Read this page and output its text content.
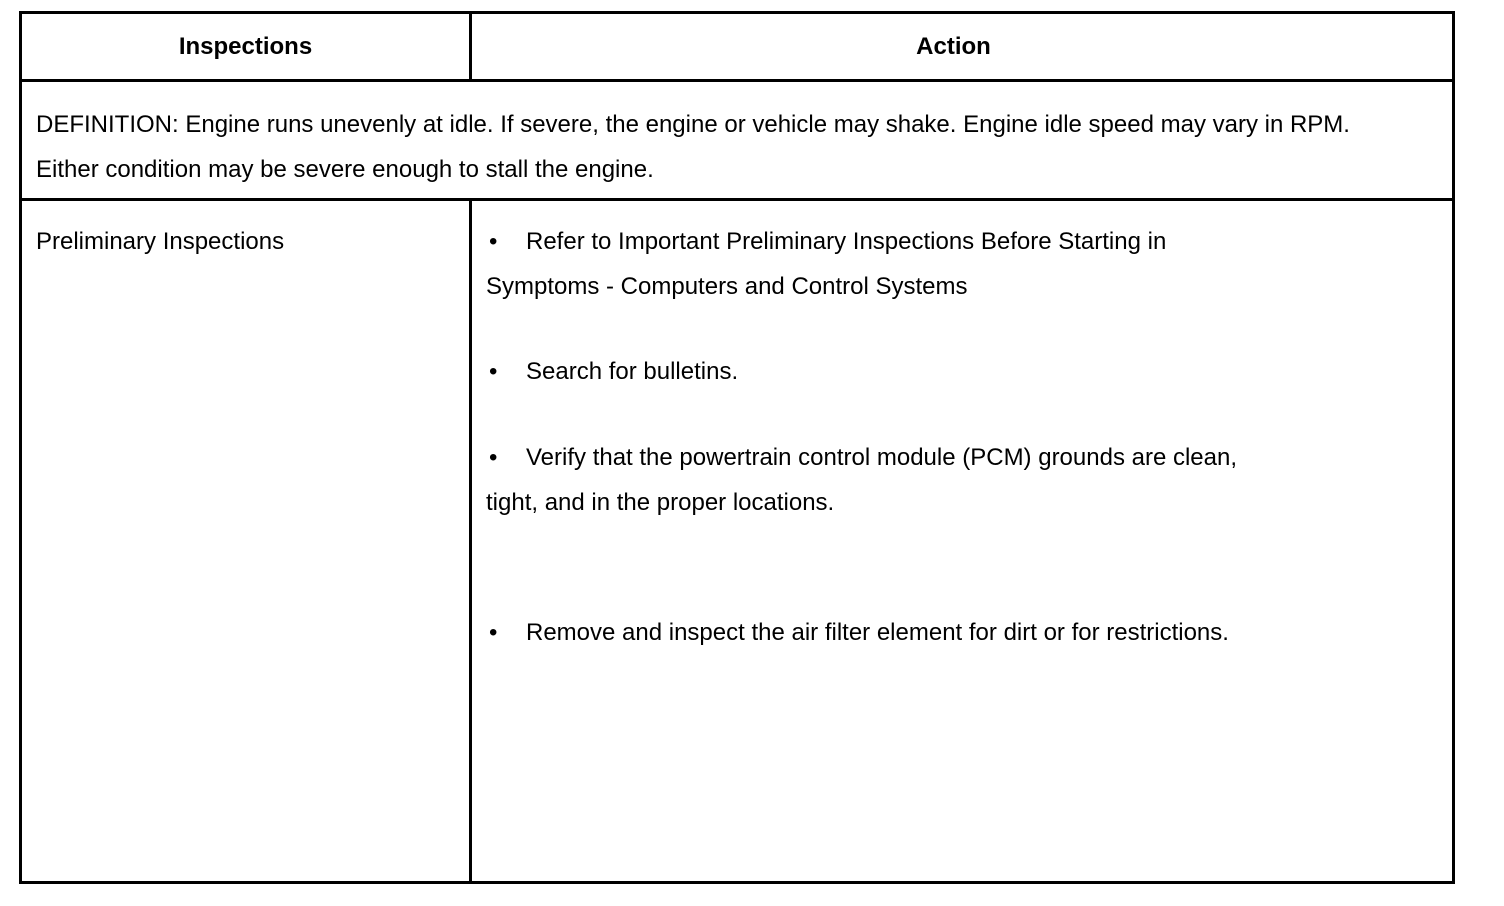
Inspections	Action
DEFINITION: Engine runs unevenly at idle. If severe, the engine or vehicle may shake. Engine idle speed may vary in RPM. Either condition may be severe enough to stall the engine.
Preliminary Inspections	• Refer to Important Preliminary Inspections Before Starting in Symptoms - Computers and Control Systems
• Search for bulletins.
• Verify that the powertrain control module (PCM) grounds are clean, tight, and in the proper locations.
• Remove and inspect the air filter element for dirt or for restrictions.
